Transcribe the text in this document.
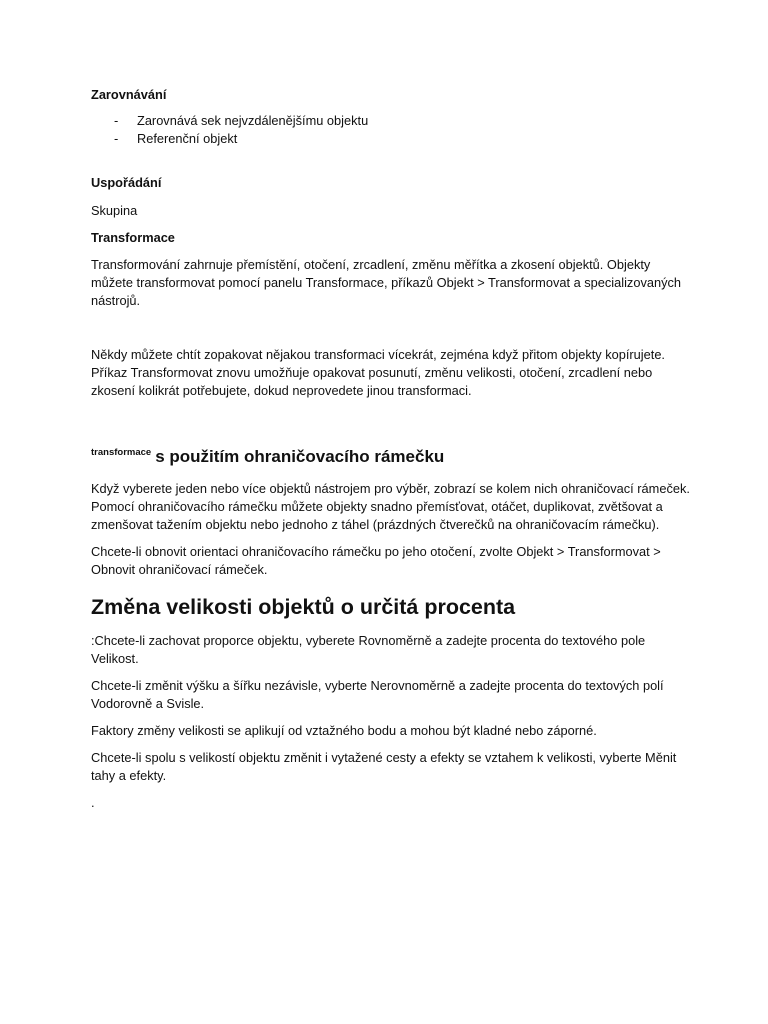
Zarovnávání

- Zarovnává sek nejvzdálenějšímu objektu
- Referenční objekt

Uspořádání

Skupina

Transformace

Transformování zahrnuje přemístění, otočení, zrcadlení, změnu měřítka a zkosení objektů. Objekty můžete transformovat pomocí panelu Transformace, příkazů Objekt > Transformovat a specializovaných nástrojů.

Někdy můžete chtít zopakovat nějakou transformaci vícekrát, zejména když přitom objekty kopírujete. Příkaz Transformovat znovu umožňuje opakovat posunutí, změnu velikosti, otočení, zrcadlení nebo zkosení kolikrát potřebujete, dokud neprovedete jinou transformaci.

$^{transformace}$ s použitím ohraničovacího rámečku

Když vyberete jeden nebo více objektů nástrojem pro výběr, zobrazí se kolem nich ohraničovací rámeček. Pomocí ohraničovacího rámečku můžete objekty snadno přemísťovat, otáčet, duplikovat, zvětšovat a zmenšovat tažením objektu nebo jednoho z táhel (prázdných čtverečků na ohraničovacím rámečku).

Chcete-li obnovit orientaci ohraničovacího rámečku po jeho otočení, zvolte Objekt > Transformovat > Obnovit ohraničovací rámeček.

Změna velikosti objektů o určitá procenta

:Chcete-li zachovat proporce objektu, vyberete Rovnoměrně a zadejte procenta do textového pole Velikost.

Chcete-li změnit výšku a šířku nezávisle, vyberte Nerovnoměrně a zadejte procenta do textových polí Vodorovně a Svisle.

Faktory změny velikosti se aplikují od vztažného bodu a mohou být kladné nebo záporné.

Chcete-li spolu s velikostí objektu změnit i vytažené cesty a efekty se vztahem k velikosti, vyberte Měnit tahy a efekty.

.
